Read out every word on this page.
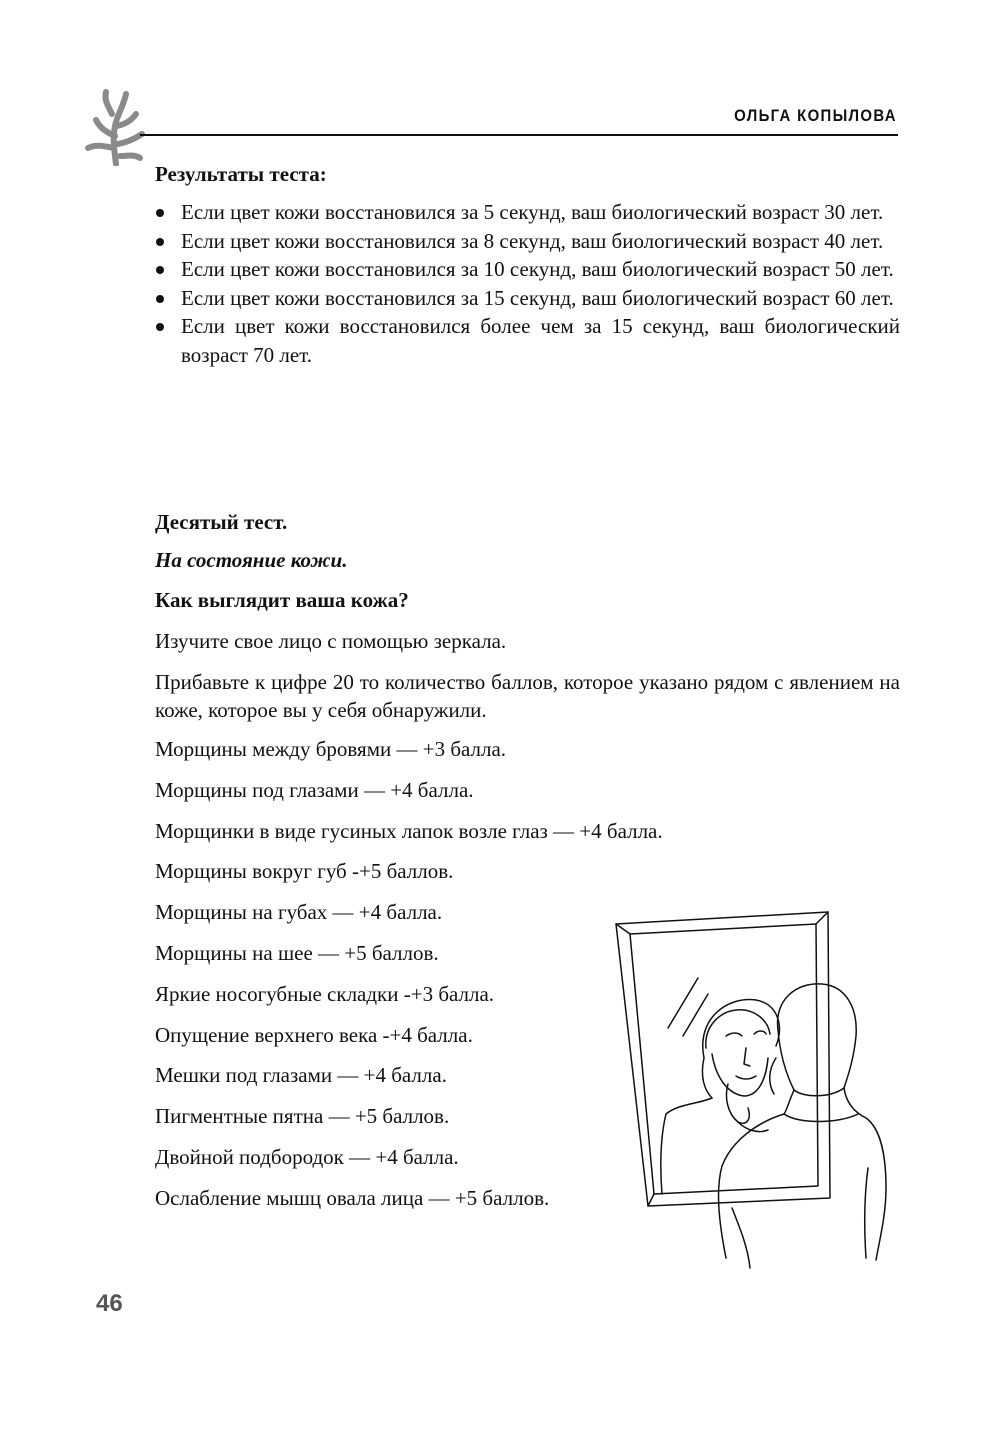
ОЛЬГА КОПЫЛОВА
Результаты теста:
Если цвет кожи восстановился за 5 секунд, ваш биологический возраст 30 лет.
Если цвет кожи восстановился за 8 секунд, ваш биологический возраст 40 лет.
Если цвет кожи восстановился за 10 секунд, ваш биологический возраст 50 лет.
Если цвет кожи восстановился за 15 секунд, ваш биологический возраст 60 лет.
Если цвет кожи восстановился более чем за 15 секунд, ваш биологический возраст 70 лет.
Десятый тест.
На состояние кожи.
Как выглядит ваша кожа?
Изучите свое лицо с помощью зеркала.
Прибавьте к цифре 20 то количество баллов, которое указано рядом с явлением на коже, которое вы у себя обнаружили.
Морщины между бровями — +3 балла.
Морщины под глазами — +4 балла.
Морщинки в виде гусиных лапок возле глаз — +4 балла.
Морщины вокруг губ -+5 баллов.
Морщины на губах — +4 балла.
Морщины на шее — +5 баллов.
Яркие носогубные складки -+3 балла.
Опущение верхнего века -+4 балла.
Мешки под глазами — +4 балла.
Пигментные пятна — +5 баллов.
Двойной подбородок — +4 балла.
Ослабление мышц овала лица — +5 баллов.
46
